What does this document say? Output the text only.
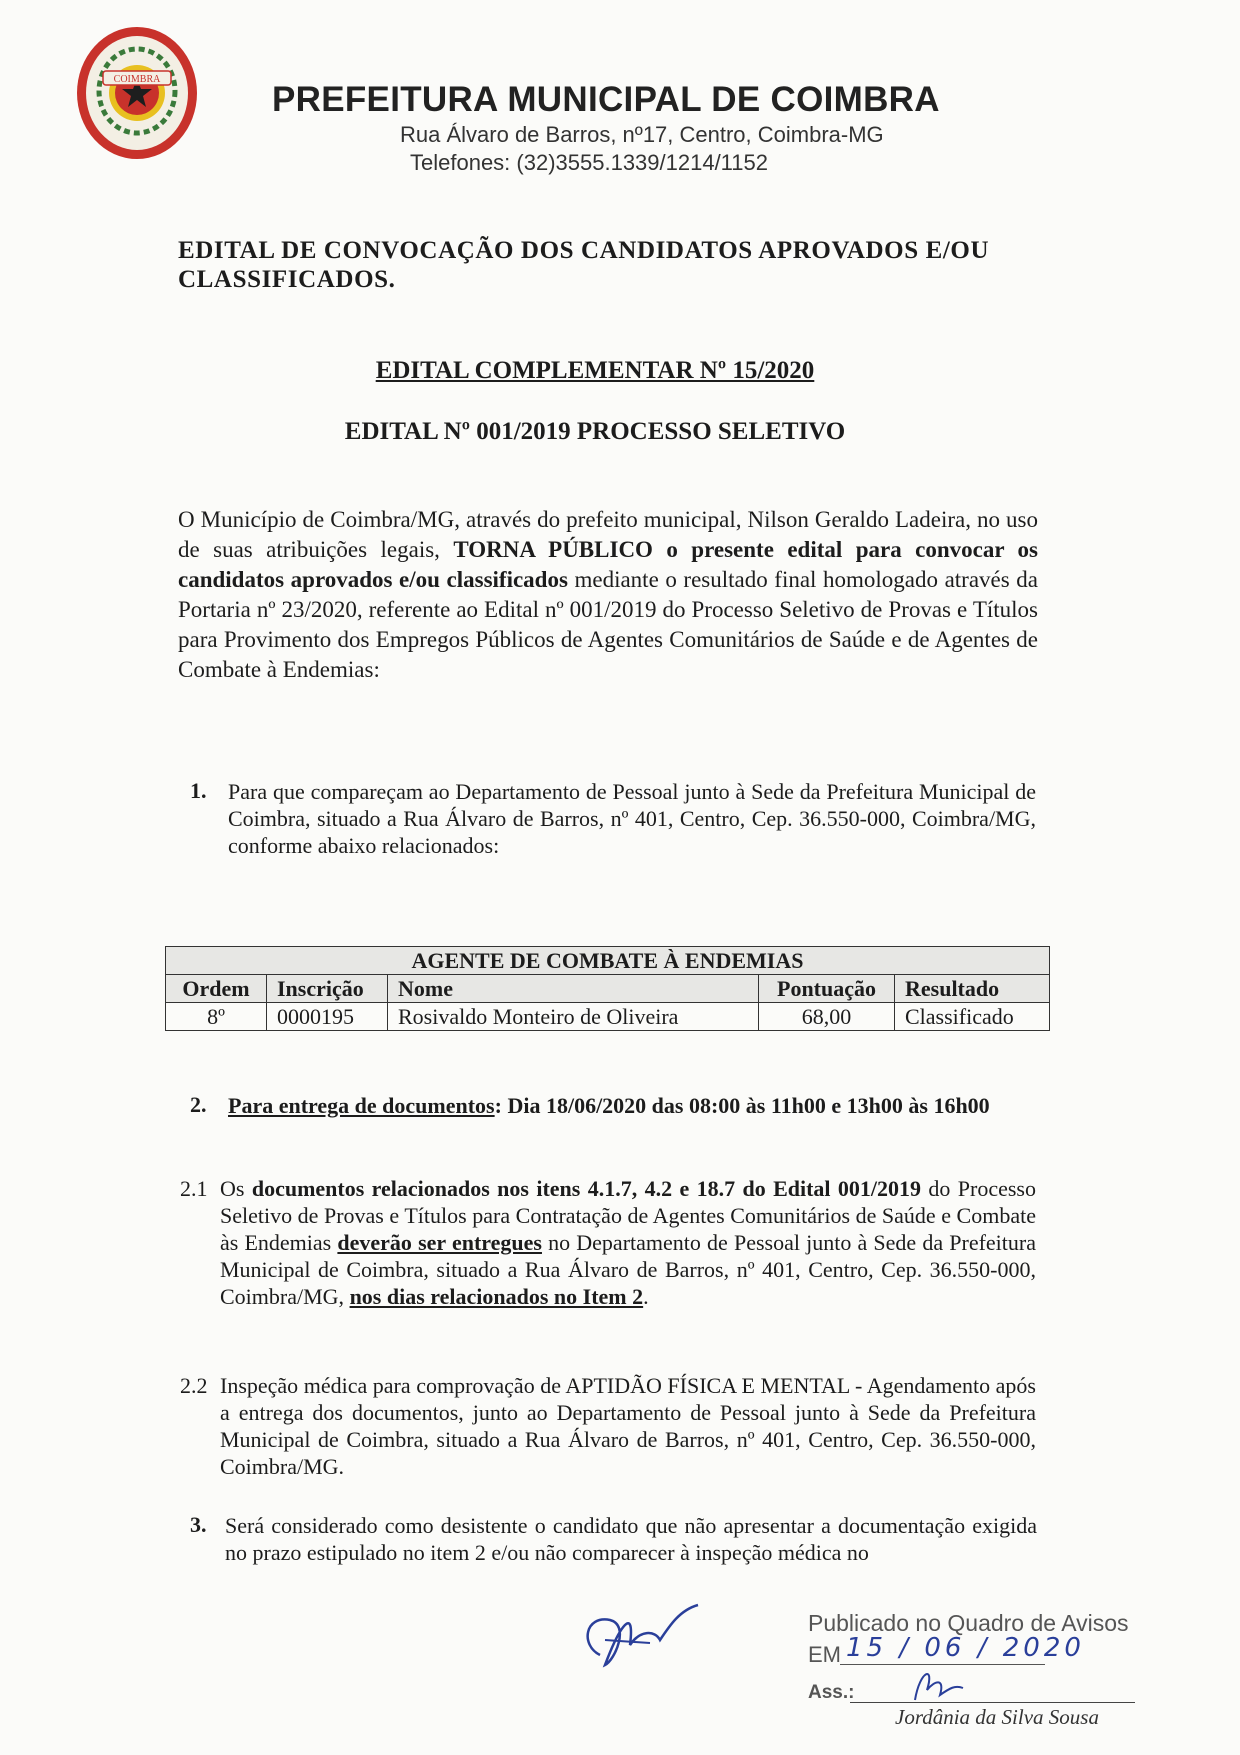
COIMBRA
PREFEITURA MUNICIPAL DE COIMBRA
Rua Álvaro de Barros, nº17, Centro, Coimbra-MG
Telefones: (32)3555.1339/1214/1152
EDITAL DE CONVOCAÇÃO DOS CANDIDATOS APROVADOS E/OU
CLASSIFICADOS.
EDITAL COMPLEMENTAR Nº 15/2020
EDITAL Nº 001/2019 PROCESSO SELETIVO
O Município de Coimbra/MG, através do prefeito municipal, Nilson Geraldo Ladeira, no uso de suas atribuições legais, TORNA PÚBLICO o presente edital para convocar os candidatos aprovados e/ou classificados mediante o resultado final homologado através da Portaria nº 23/2020, referente ao Edital nº 001/2019 do Processo Seletivo de Provas e Títulos para Provimento dos Empregos Públicos de Agentes Comunitários de Saúde e de Agentes de Combate à Endemias:
1. Para que compareçam ao Departamento de Pessoal junto à Sede da Prefeitura Municipal de Coimbra, situado a Rua Álvaro de Barros, nº 401, Centro, Cep. 36.550-000, Coimbra/MG, conforme abaixo relacionados:
AGENTE DE COMBATE À ENDEMIAS				
Ordem	Inscrição	Nome	Pontuação	Resultado
8º	0000195	Rosivaldo Monteiro de Oliveira	68,00	Classificado
2. Para entrega de documentos: Dia 18/06/2020 das 08:00 às 11h00 e 13h00 às 16h00
2.1 Os documentos relacionados nos itens 4.1.7, 4.2 e 18.7 do Edital 001/2019 do Processo Seletivo de Provas e Títulos para Contratação de Agentes Comunitários de Saúde e Combate às Endemias deverão ser entregues no Departamento de Pessoal junto à Sede da Prefeitura Municipal de Coimbra, situado a Rua Álvaro de Barros, nº 401, Centro, Cep. 36.550-000, Coimbra/MG, nos dias relacionados no Item 2.
2.2 Inspeção médica para comprovação de APTIDÃO FÍSICA E MENTAL - Agendamento após a entrega dos documentos, junto ao Departamento de Pessoal junto à Sede da Prefeitura Municipal de Coimbra, situado a Rua Álvaro de Barros, nº 401, Centro, Cep. 36.550-000, Coimbra/MG.
3. Será considerado como desistente o candidato que não apresentar a documentação exigida no prazo estipulado no item 2 e/ou não comparecer à inspeção médica no
Publicado no Quadro de Avisos
EM 15 / 06 / 2020
Ass.:
Jordânia da Silva Sousa
